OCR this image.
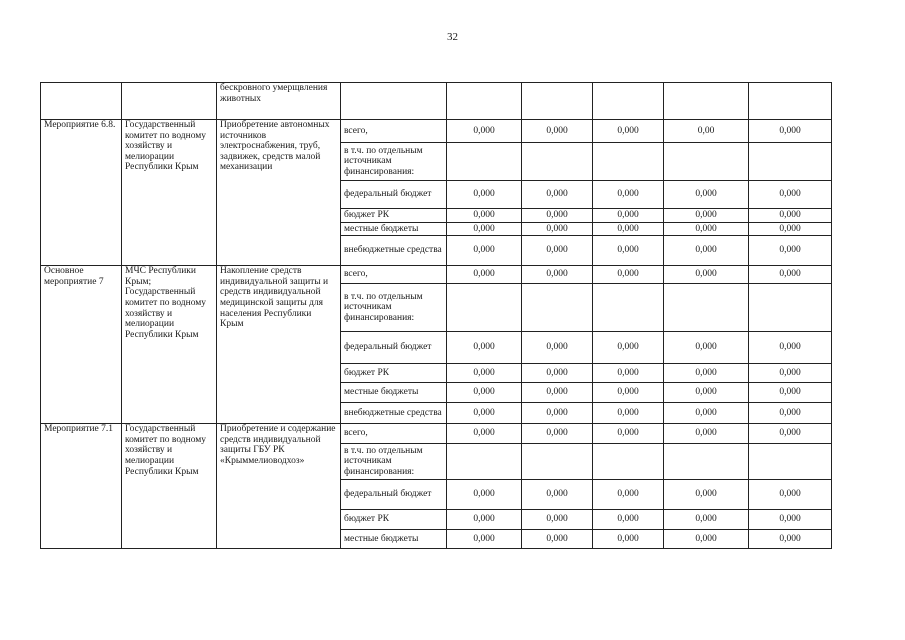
32
		бескровного умерщвления животных						
Мероприятие 6.8.	Государственный комитет по водному хозяйству и мелиорации Республики Крым	Приобретение автономных источников электроснабжения, труб, задвижек, средств малой механизации	всего,	0,000	0,000	0,000	0,00	0,000
			в т.ч. по отдельным источникам финансирования:					
			федеральный бюджет	0,000	0,000	0,000	0,000	0,000
			бюджет РК	0,000	0,000	0,000	0,000	0,000
			местные бюджеты	0,000	0,000	0,000	0,000	0,000
			внебюджетные средства	0,000	0,000	0,000	0,000	0,000
Основное мероприятие 7	МЧС Республики Крым; Государственный комитет по водному хозяйству и мелиорации Республики Крым	Накопление средств индивидуальной защиты и средств индивидуальной медицинской защиты для населения Республики Крым	всего,	0,000	0,000	0,000	0,000	0,000
			в т.ч. по отдельным источникам финансирования:					
			федеральный бюджет	0,000	0,000	0,000	0,000	0,000
			бюджет РК	0,000	0,000	0,000	0,000	0,000
			местные бюджеты	0,000	0,000	0,000	0,000	0,000
			внебюджетные средства	0,000	0,000	0,000	0,000	0,000
Мероприятие 7.1	Государственный комитет по водному хозяйству и мелиорации Республики Крым	Приобретение и содержание средств индивидуальной защиты ГБУ РК «Крыммелиоводхоз»	всего,	0,000	0,000	0,000	0,000	0,000
			в т.ч. по отдельным источникам финансирования:					
			федеральный бюджет	0,000	0,000	0,000	0,000	0,000
			бюджет РК	0,000	0,000	0,000	0,000	0,000
			местные бюджеты	0,000	0,000	0,000	0,000	0,000
